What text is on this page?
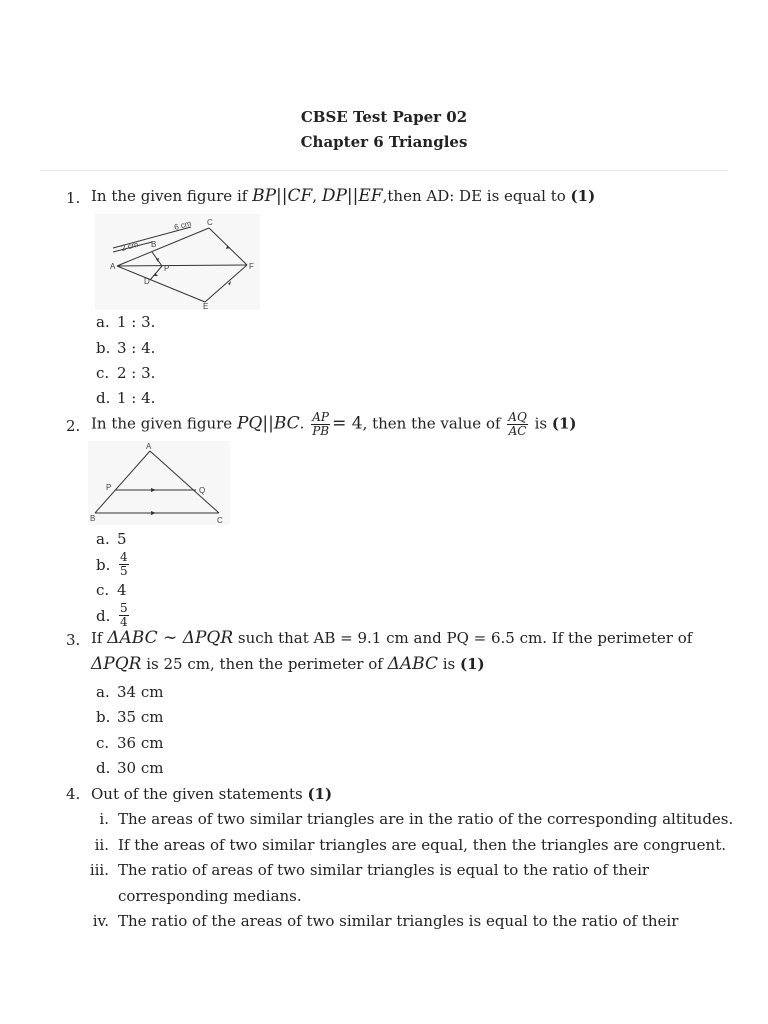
CBSE Test Paper 02
Chapter 6 Triangles
1. In the given figure if BP||CF, DP||EF,then AD: DE is equal to (1)
6 cm
2 cm B
C
A	P	F
D
E
a. 1 : 3.
b. 3 : 4.
c. 2 : 3.
d. 1 : 4.
2. In the given figure PQ||BC. $\frac{AP}{PB} = 4$, then the value of $\frac{AQ}{AC}$ is (1)
A
P	Q
B	C
a. 5
b. $\frac{4}{5}$
c. 4
d. $\frac{5}{4}$
3. If ΔABC ∼ ΔPQR such that AB = 9.1 cm and PQ = 6.5 cm. If the perimeter of
ΔPQR is 25 cm, then the perimeter of ΔABC is (1)
a. 34 cm
b. 35 cm
c. 36 cm
d. 30 cm
4. Out of the given statements (1)
i. The areas of two similar triangles are in the ratio of the corresponding altitudes.
ii. If the areas of two similar triangles are equal, then the triangles are congruent.
iii. The ratio of areas of two similar triangles is equal to the ratio of their
corresponding medians.
iv. The ratio of the areas of two similar triangles is equal to the ratio of their
